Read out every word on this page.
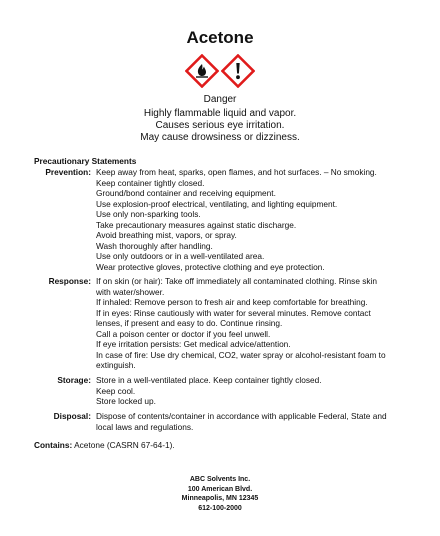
Acetone
Danger
Highly flammable liquid and vapor.
Causes serious eye irritation.
May cause drowsiness or dizziness.
Precautionary Statements
Prevention: Keep away from heat, sparks, open flames, and hot surfaces. – No smoking.
Keep container tightly closed.
Ground/bond container and receiving equipment.
Use explosion-proof electrical, ventilating, and lighting equipment.
Use only non-sparking tools.
Take precautionary measures against static discharge.
Avoid breathing mist, vapors, or spray.
Wash thoroughly after handling.
Use only outdoors or in a well-ventilated area.
Wear protective gloves, protective clothing and eye protection.
Response: If on skin (or hair): Take off immediately all contaminated clothing. Rinse skin
with water/shower.
If inhaled: Remove person to fresh air and keep comfortable for breathing.
If in eyes: Rinse cautiously with water for several minutes. Remove contact
lenses, if present and easy to do. Continue rinsing.
Call a poison center or doctor if you feel unwell.
If eye irritation persists: Get medical advice/attention.
In case of fire: Use dry chemical, CO2, water spray or alcohol-resistant foam to
extinguish.
Storage: Store in a well-ventilated place. Keep container tightly closed.
Keep cool.
Store locked up.
Disposal: Dispose of contents/container in accordance with applicable Federal, State and
local laws and regulations.
Contains: Acetone (CASRN 67-64-1).
ABC Solvents Inc.
100 American Blvd.
Minneapolis, MN 12345
612-100-2000
